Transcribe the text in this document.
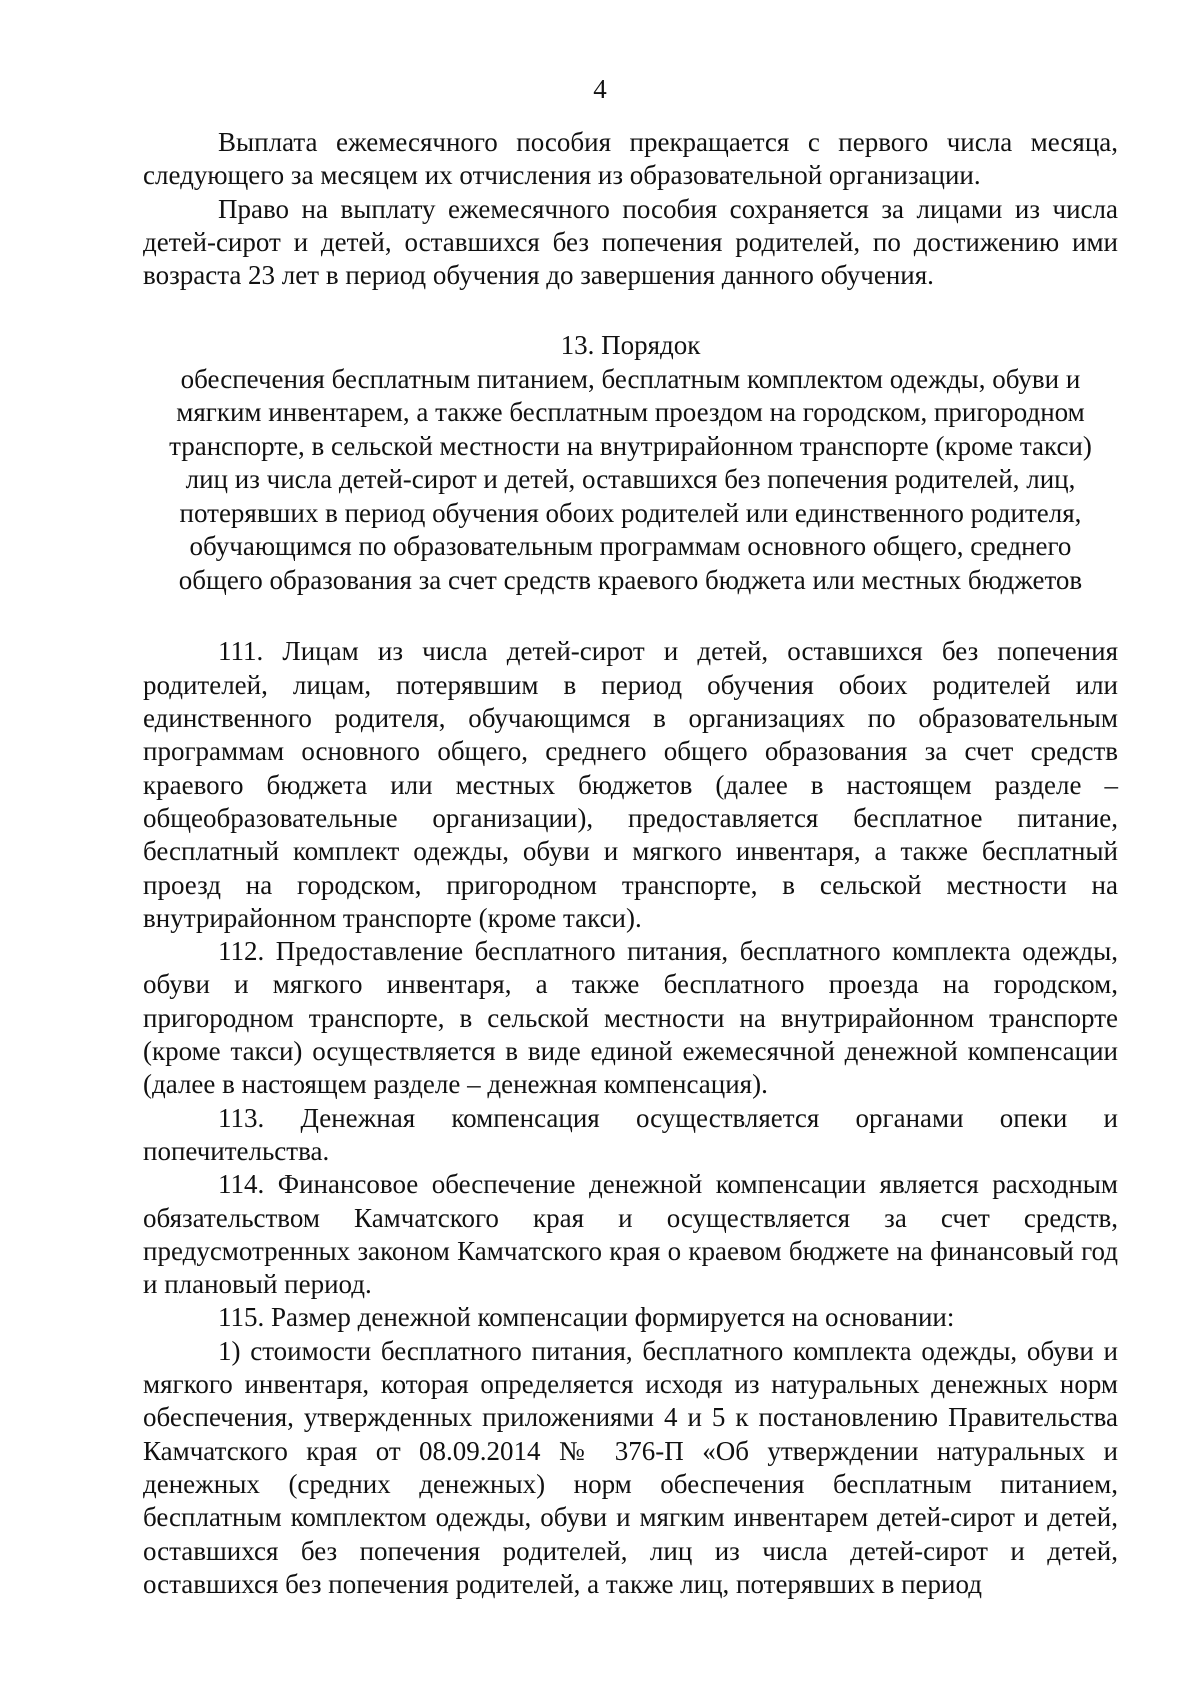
4

Выплата ежемесячного пособия прекращается с первого числа месяца, следующего за месяцем их отчисления из образовательной организации.

Право на выплату ежемесячного пособия сохраняется за лицами из числа детей-сирот и детей, оставшихся без попечения родителей, по достижению ими возраста 23 лет в период обучения до завершения данного обучения.

13. Порядок
обеспечения бесплатным питанием, бесплатным комплектом одежды, обуви и мягким инвентарем, а также бесплатным проездом на городском, пригородном транспорте, в сельской местности на внутрирайонном транспорте (кроме такси) лиц из числа детей-сирот и детей, оставшихся без попечения родителей, лиц, потерявших в период обучения обоих родителей или единственного родителя, обучающимся по образовательным программам основного общего, среднего общего образования за счет средств краевого бюджета или местных бюджетов

111. Лицам из числа детей-сирот и детей, оставшихся без попечения родителей, лицам, потерявшим в период обучения обоих родителей или единственного родителя, обучающимся в организациях по образовательным программам основного общего, среднего общего образования за счет средств краевого бюджета или местных бюджетов (далее в настоящем разделе – общеобразовательные организации), предоставляется бесплатное питание, бесплатный комплект одежды, обуви и мягкого инвентаря, а также бесплатный проезд на городском, пригородном транспорте, в сельской местности на внутрирайонном транспорте (кроме такси).

112. Предоставление бесплатного питания, бесплатного комплекта одежды, обуви и мягкого инвентаря, а также бесплатного проезда на городском, пригородном транспорте, в сельской местности на внутрирайонном транспорте (кроме такси) осуществляется в виде единой ежемесячной денежной компенсации (далее в настоящем разделе – денежная компенсация).

113. Денежная компенсация осуществляется органами опеки и попечительства.

114. Финансовое обеспечение денежной компенсации является расходным обязательством Камчатского края и осуществляется за счет средств, предусмотренных законом Камчатского края о краевом бюджете на финансовый год и плановый период.

115. Размер денежной компенсации формируется на основании:

1) стоимости бесплатного питания, бесплатного комплекта одежды, обуви и мягкого инвентаря, которая определяется исходя из натуральных денежных норм обеспечения, утвержденных приложениями 4 и 5 к постановлению Правительства Камчатского края от 08.09.2014 № 376-П «Об утверждении натуральных и денежных (средних денежных) норм обеспечения бесплатным питанием, бесплатным комплектом одежды, обуви и мягким инвентарем детей-сирот и детей, оставшихся без попечения родителей, лиц из числа детей-сирот и детей, оставшихся без попечения родителей, а также лиц, потерявших в период
